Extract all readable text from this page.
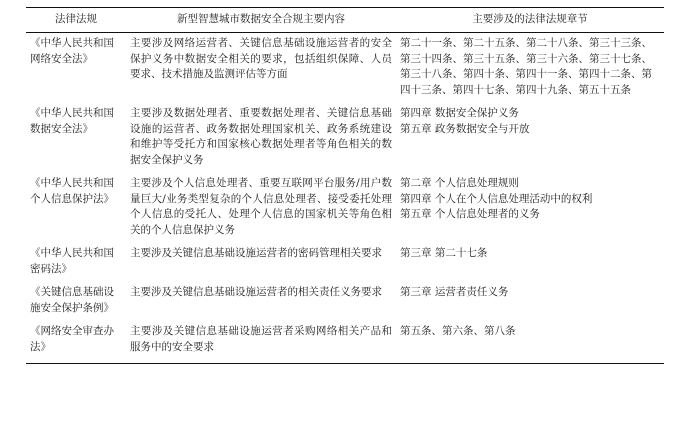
法律法规	新型智慧城市数据安全合规主要内容	主要涉及的法律法规章节
《中华人民共和国网络安全法》	主要涉及网络运营者、关键信息基础设施运营者的安全保护义务中数据安全相关的要求，包括组织保障、人员要求、技术措施及监测评估等方面	第二十一条、第二十五条、第二十八条、第三十三条、第三十四条、第三十五条、第三十六条、第三十七条、第三十八条、第四十条、第四十一条、第四十二条、第四十三条、第四十七条、第四十九条、第五十五条

《中华人民共和国数据安全法》	主要涉及数据处理者、重要数据处理者、关键信息基础设施的运营者、政务数据处理国家机关、政务系统建设和维护等受托方和国家核心数据处理者等角色相关的数据安全保护义务	第四章 数据安全保护义务
第五章 政务数据安全与开放

《中华人民共和国个人信息保护法》	主要涉及个人信息处理者、重要互联网平台服务/用户数量巨大/业务类型复杂的个人信息处理者、接受委托处理个人信息的受托人、处理个人信息的国家机关等角色相关的个人信息保护义务	第二章 个人信息处理规则
第四章 个人在个人信息处理活动中的权利
第五章 个人信息处理者的义务

《中华人民共和国密码法》	主要涉及关键信息基础设施运营者的密码管理相关要求	第三章 第二十七条

《关键信息基础设施安全保护条例》	主要涉及关键信息基础设施运营者的相关责任义务要求	第三章 运营者责任义务

《网络安全审查办法》	主要涉及关键信息基础设施运营者采购网络相关产品和服务中的安全要求	第五条、第六条、第八条
